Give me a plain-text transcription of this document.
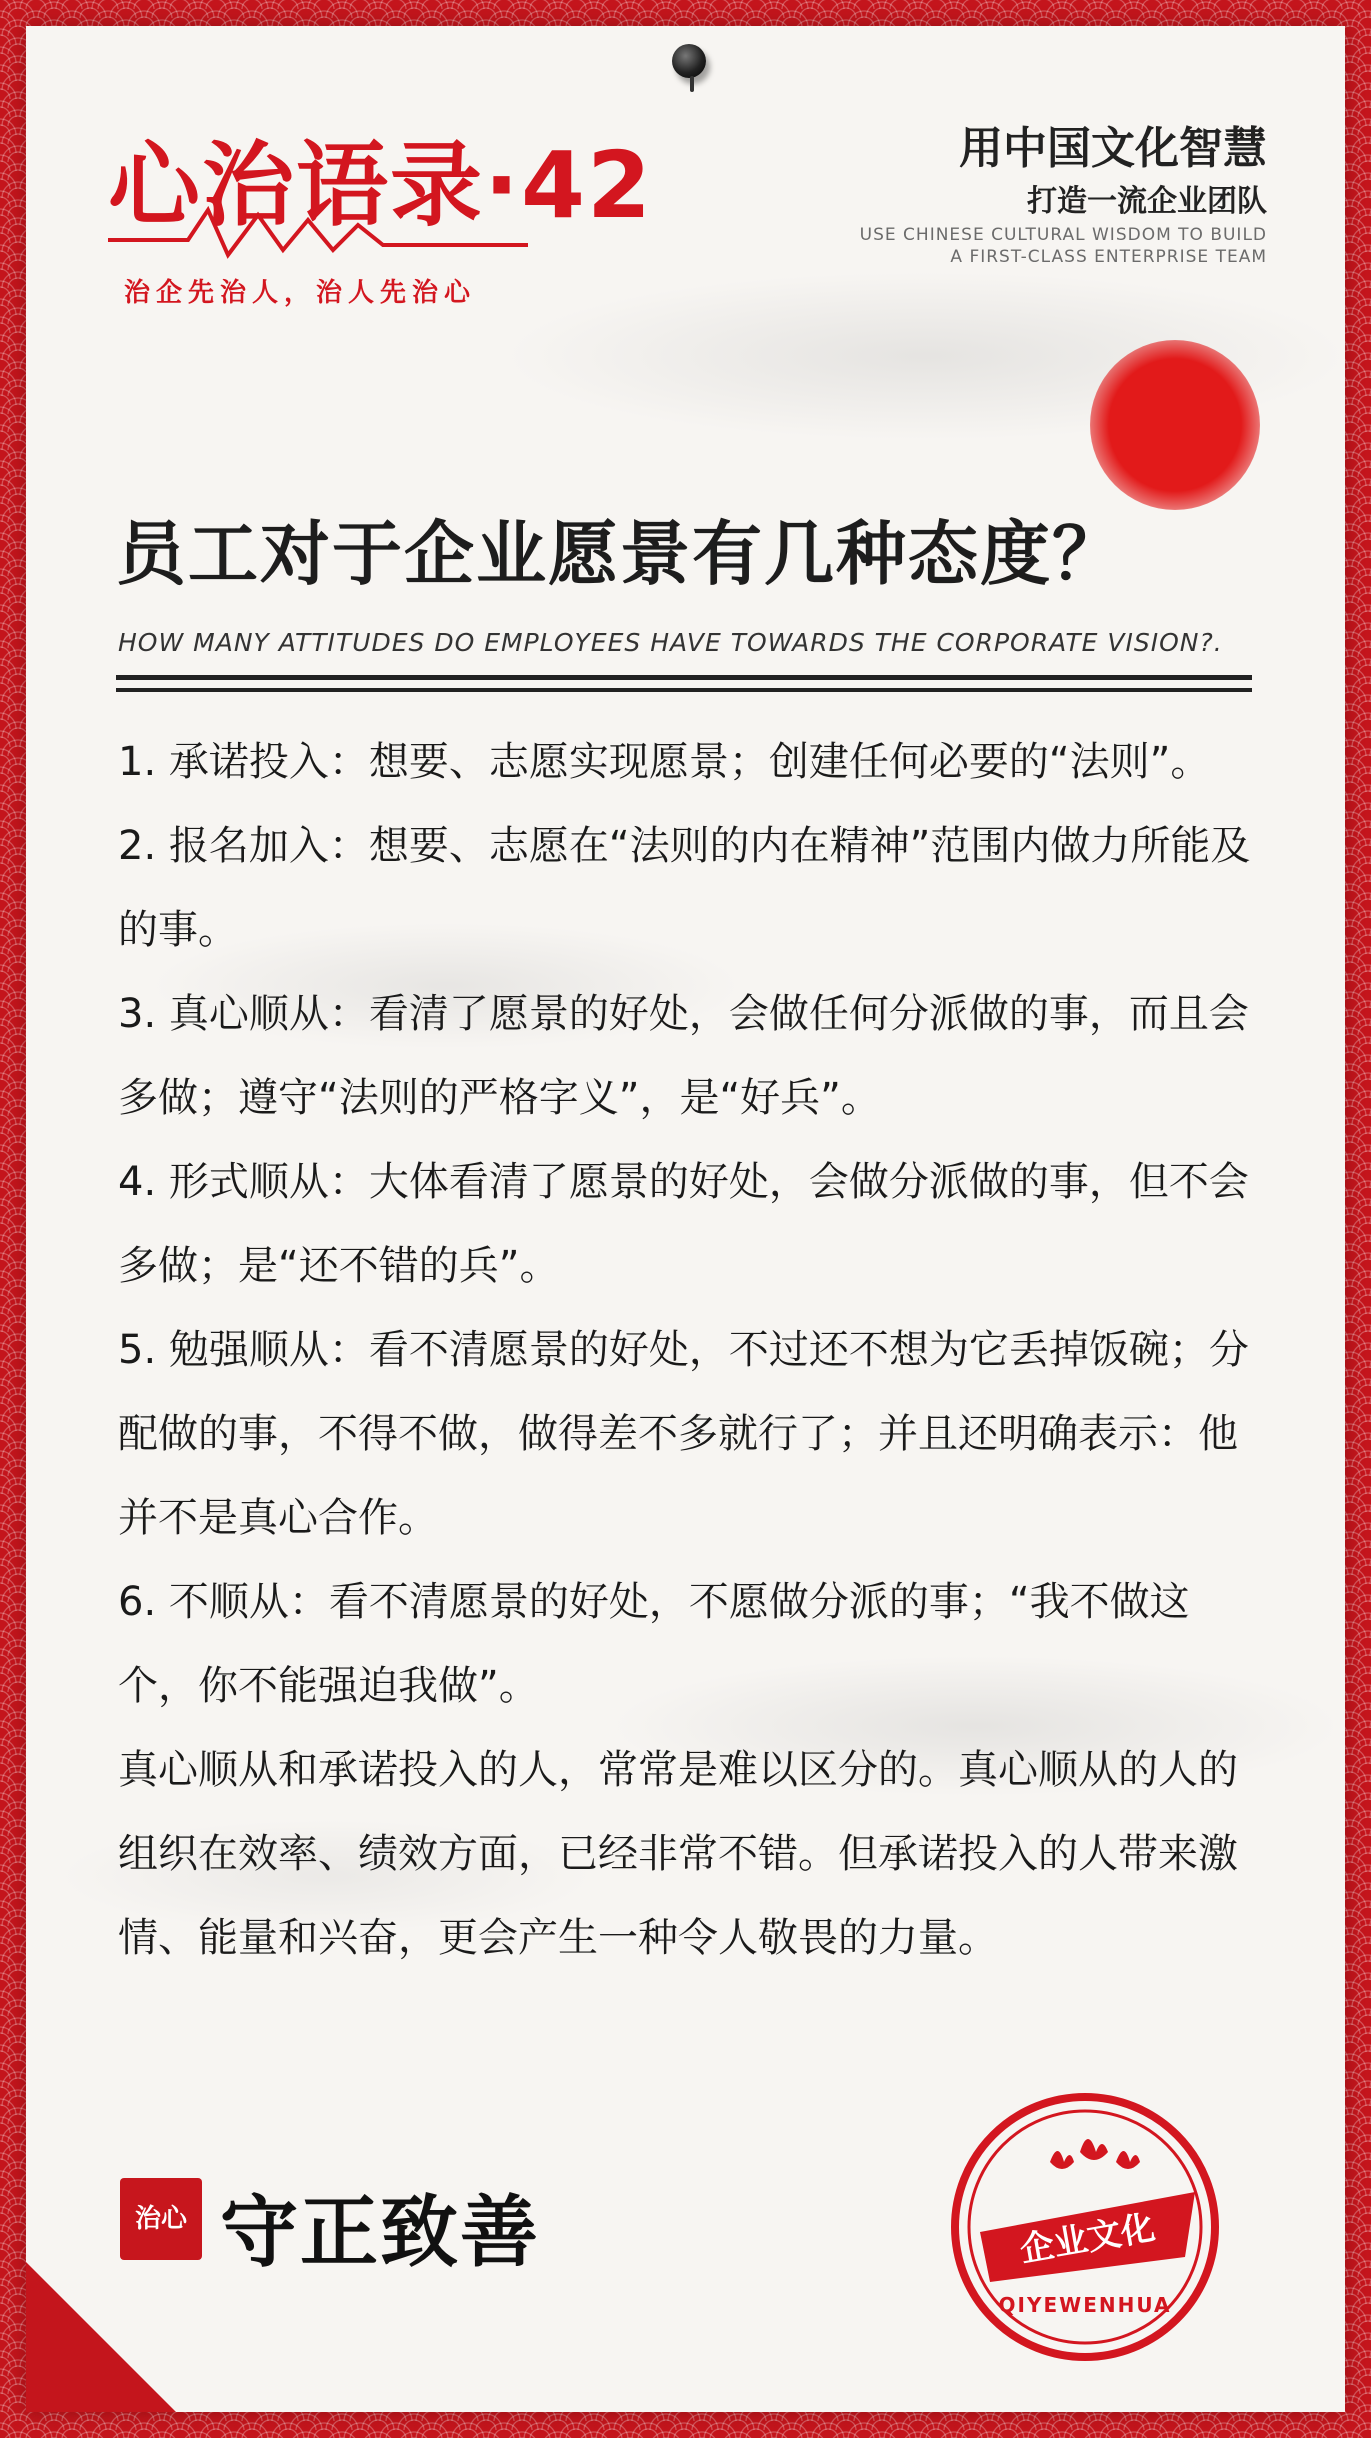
心治语录·42
治企先治人，治人先治心
用中国文化智慧
打造一流企业团队
USE CHINESE CULTURAL WISDOM TO BUILD
A FIRST-CLASS ENTERPRISE TEAM
员工对于企业愿景有几种态度？
HOW MANY ATTITUDES DO EMPLOYEES HAVE TOWARDS THE CORPORATE VISION?.

1. 承诺投入：想要、志愿实现愿景；创建任何必要的“法则”。

2. 报名加入：想要、志愿在“法则的内在精神”范围内做力所能及的事。

3. 真心顺从：看清了愿景的好处，会做任何分派做的事，而且会多做；遵守“法则的严格字义”，是“好兵”。

4. 形式顺从：大体看清了愿景的好处，会做分派做的事，但不会多做；是“还不错的兵”。

5. 勉强顺从：看不清愿景的好处，不过还不想为它丢掉饭碗；分配做的事，不得不做，做得差不多就行了；并且还明确表示：他并不是真心合作。

6. 不顺从：看不清愿景的好处，不愿做分派的事；“我不做这个，你不能强迫我做”。

真心顺从和承诺投入的人，常常是难以区分的。真心顺从的人的组织在效率、绩效方面，已经非常不错。但承诺投入的人带来激情、能量和兴奋，更会产生一种令人敬畏的力量。

治心 守正致善	企业文化
QIYEWENHUA
